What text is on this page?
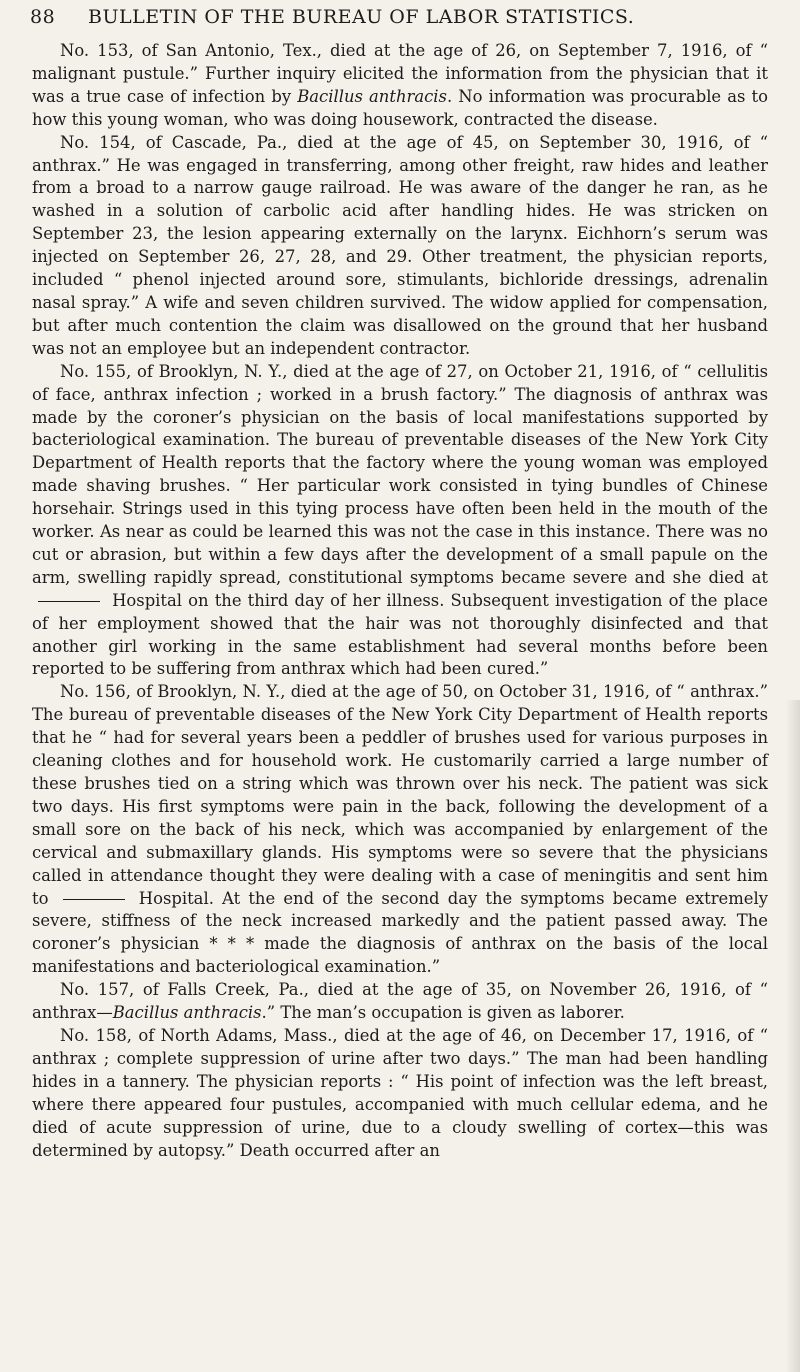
88 BULLETIN OF THE BUREAU OF LABOR STATISTICS.

No. 153, of San Antonio, Tex., died at the age of 26, on September 7, 1916, of “ malignant pustule.” Further inquiry elicited the information from the physician that it was a true case of infection by Bacillus anthracis. No information was procurable as to how this young woman, who was doing housework, contracted the disease.

No. 154, of Cascade, Pa., died at the age of 45, on September 30, 1916, of “ anthrax.” He was engaged in transferring, among other freight, raw hides and leather from a broad to a narrow gauge railroad. He was aware of the danger he ran, as he washed in a solution of carbolic acid after handling hides. He was stricken on September 23, the lesion appearing externally on the larynx. Eichhorn’s serum was injected on September 26, 27, 28, and 29. Other treatment, the physician reports, included “ phenol injected around sore, stimulants, bichloride dressings, adrenalin nasal spray.” A wife and seven children survived. The widow applied for compensation, but after much contention the claim was disallowed on the ground that her husband was not an employee but an independent contractor.

No. 155, of Brooklyn, N. Y., died at the age of 27, on October 21, 1916, of “ cellulitis of face, anthrax infection ; worked in a brush factory.” The diagnosis of anthrax was made by the coroner’s physician on the basis of local manifestations supported by bacteriological examination. The bureau of preventable diseases of the New York City Department of Health reports that the factory where the young woman was employed made shaving brushes. “ Her particular work consisted in tying bundles of Chinese horsehair. Strings used in this tying process have often been held in the mouth of the worker. As near as could be learned this was not the case in this instance. There was no cut or abrasion, but within a few days after the development of a small papule on the arm, swelling rapidly spread, constitutional symptoms became severe and she died at  Hospital on the third day of her illness. Subsequent investigation of the place of her employment showed that the hair was not thoroughly disinfected and that another girl working in the same establishment had several months before been reported to be suffering from anthrax which had been cured.”

No. 156, of Brooklyn, N. Y., died at the age of 50, on October 31, 1916, of “ anthrax.” The bureau of preventable diseases of the New York City Department of Health reports that he “ had for several years been a peddler of brushes used for various purposes in cleaning clothes and for household work. He customarily carried a large number of these brushes tied on a string which was thrown over his neck. The patient was sick two days. His first symptoms were pain in the back, following the development of a small sore on the back of his neck, which was accompanied by enlargement of the cervical and submaxillary glands. His symptoms were so severe that the physicians called in attendance thought they were dealing with a case of meningitis and sent him to	Hospital. At the end of the second day the symptoms became extremely severe, stiffness of the neck increased markedly and the patient passed away. The coroner’s physician * * * made the diagnosis of anthrax on the basis of the local manifestations and bacteriological examination.”

No. 157, of Falls Creek, Pa., died at the age of 35, on November 26, 1916, of “ anthrax—Bacillus anthracis.” The man’s occupation is given as laborer.

No. 158, of North Adams, Mass., died at the age of 46, on December 17, 1916, of “ anthrax ; complete suppression of urine after two days.” The man had been handling hides in a tannery. The physician reports : “ His point of infection was the left breast, where there appeared four pustules, accompanied with much cellular edema, and he died of acute suppression of urine, due to a cloudy swelling of cortex—this was determined by autopsy.” Death occurred after an
